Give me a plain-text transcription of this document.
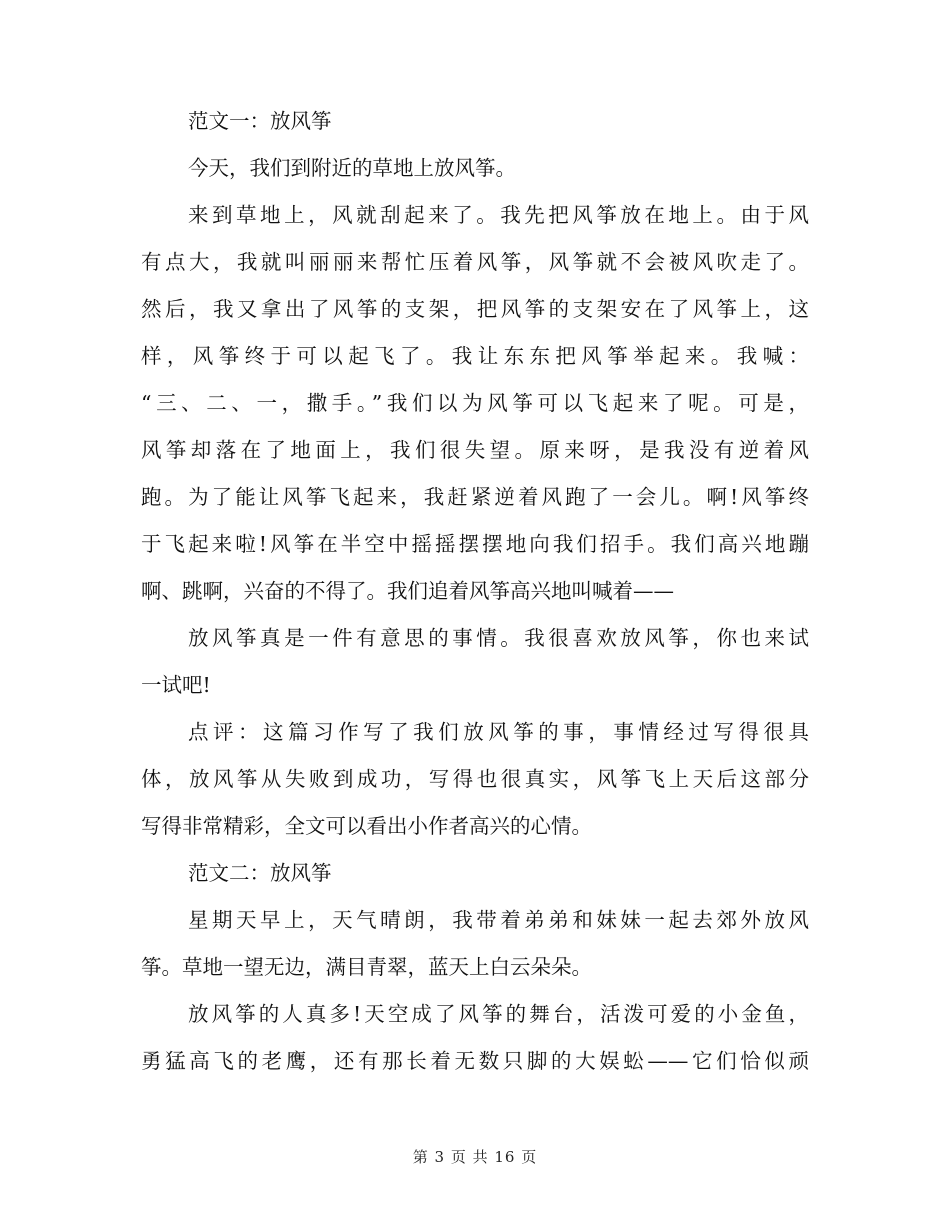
范文一：放风筝
今天，我们到附近的草地上放风筝。
来到草地上，风就刮起来了。我先把风筝放在地上。由于风
有点大，我就叫丽丽来帮忙压着风筝，风筝就不会被风吹走了。
然后，我又拿出了风筝的支架，把风筝的支架安在了风筝上，这
样，风筝终于可以起飞了。我让东东把风筝举起来。我喊：
“三、二、一，撒手。”我们以为风筝可以飞起来了呢。可是，
风筝却落在了地面上，我们很失望。原来呀，是我没有逆着风
跑。为了能让风筝飞起来，我赶紧逆着风跑了一会儿。啊!风筝终
于飞起来啦!风筝在半空中摇摇摆摆地向我们招手。我们高兴地蹦
啊、跳啊，兴奋的不得了。我们追着风筝高兴地叫喊着——
放风筝真是一件有意思的事情。我很喜欢放风筝，你也来试
一试吧!
点评：这篇习作写了我们放风筝的事，事情经过写得很具
体，放风筝从失败到成功，写得也很真实，风筝飞上天后这部分
写得非常精彩，全文可以看出小作者高兴的心情。
范文二：放风筝
星期天早上，天气晴朗，我带着弟弟和妹妹一起去郊外放风
筝。草地一望无边，满目青翠，蓝天上白云朵朵。
放风筝的人真多!天空成了风筝的舞台，活泼可爱的小金鱼，
勇猛高飞的老鹰，还有那长着无数只脚的大娱蚣——它们恰似顽
第 3 页 共 16 页
